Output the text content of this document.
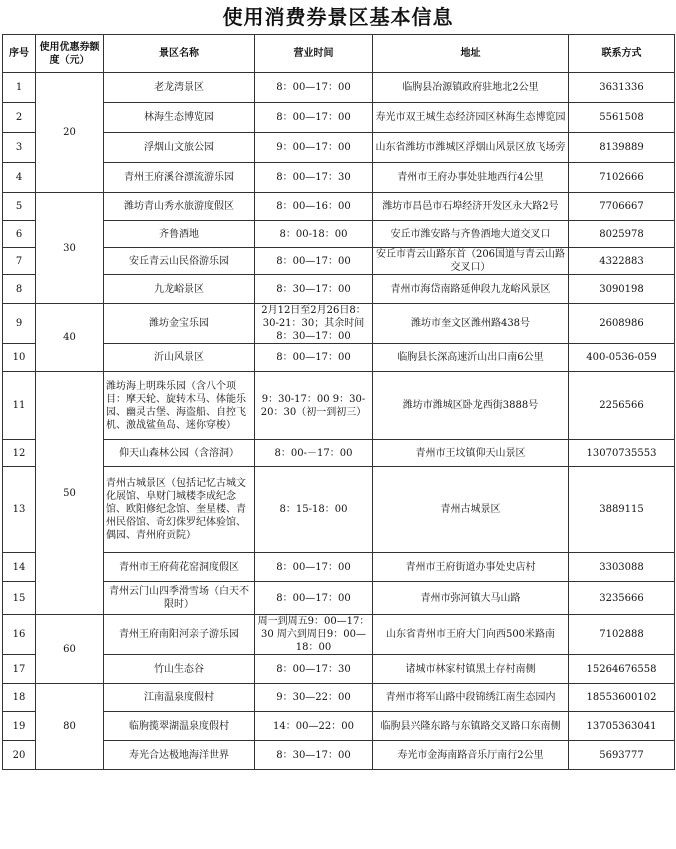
使用消费券景区基本信息
序号	使用优惠券额度（元）	景区名称	营业时间	地址	联系方式
1	20	老龙湾景区	8：00—17：00	临朐县冶源镇政府驻地北2公里	3631336
2		林海生态博览园	8：00—17：00	寿光市双王城生态经济园区林海生态博览园	5561508
3		浮烟山文旅公园	9：00—17：00	山东省潍坊市潍城区浮烟山风景区放飞场旁	8139889
4		青州王府溪谷漂流游乐园	8：00—17：30	青州市王府办事处驻地西行4公里	7102666
5	30	潍坊青山秀水旅游度假区	8：00—16：00	潍坊市昌邑市石埠经济开发区永大路2号	7706667
6		齐鲁酒地	8：00-18：00	安丘市潍安路与齐鲁酒地大道交叉口	8025978
7		安丘青云山民俗游乐园	8：00—17：00	安丘市青云山路东首（206国道与青云山路交叉口）	4322883
8		九龙峪景区	8：30—17：00	青州市海岱南路延伸段九龙峪风景区	3090198
9	40	潍坊金宝乐园	2月12日至2月26日8：30-21：30；其余时间8：30—17：00	潍坊市奎文区潍州路438号	2608986
10		沂山风景区	8：00—17：00	临朐县长深高速沂山出口南6公里	400-0536-059
11	50	潍坊海上明珠乐园（含八个项目：摩天轮、旋转木马、体能乐园、幽灵古堡、海盗船、自控飞机、激战鲨鱼岛、迷你穿梭）	9：30-17：00 9：30-20：30（初一到初三）	潍坊市潍城区卧龙西街3888号	2256566
12		仰天山森林公园（含溶洞）	8：00-－17：00	青州市王坟镇仰天山景区	13070735553
13		青州古城景区（包括记忆古城文化展馆、阜财门城楼李成纪念馆、欧阳修纪念馆、奎星楼、青州民俗馆、奇幻侏罗纪体验馆、偶园、青州府贡院）	8：15-18：00	青州古城景区	3889115
14		青州市王府荷花窑洞度假区	8：00—17：00	青州市王府街道办事处史店村	3303088
15		青州云门山四季滑雪场（白天不限时）	8：00—17：00	青州市弥河镇大马山路	3235666
16	60	青州王府南阳河亲子游乐园	周一到周五9：00—17：30 周六到周日9：00—18：00	山东省青州市王府大门向西500米路南	7102888
17		竹山生态谷	8：00—17：30	诸城市林家村镇黑土存村南侧	15264676558
18	80	江南温泉度假村	9：30—22：00	青州市将军山路中段锦绣江南生态园内	18553600102
19		临朐揽翠湖温泉度假村	14：00—22：00	临朐县兴隆东路与东镇路交叉路口东南侧	13705363041
20		寿光合达极地海洋世界	8：30—17：00	寿光市金海南路音乐厅南行2公里	5693777
